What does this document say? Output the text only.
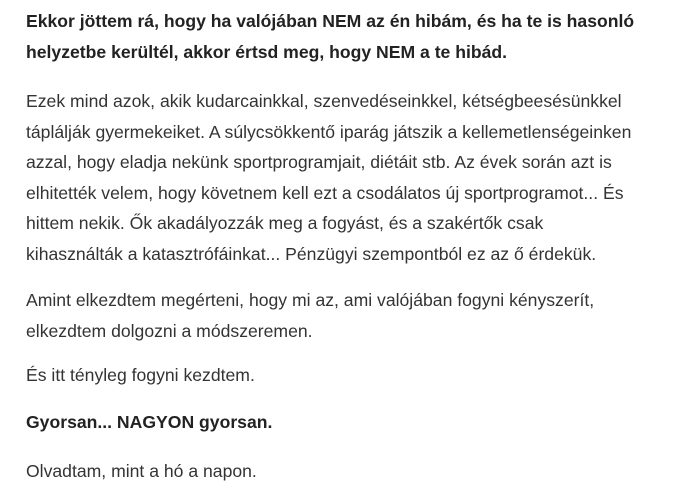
Ekkor jöttem rá, hogy ha valójában NEM az én hibám, és ha te is hasonló
helyzetbe kerültél, akkor értsd meg, hogy NEM a te hibád.

Ezek mind azok, akik kudarcainkkal, szenvedéseinkkel, kétségbeesésünkkel
táplálják gyermekeiket. A súlycsökkentő iparág játszik a kellemetlenségeinken
azzal, hogy eladja nekünk sportprogramjait, diétáit stb. Az évek során azt is
elhitették velem, hogy követnem kell ezt a csodálatos új sportprogramot... És
hittem nekik. Ők akadályozzák meg a fogyást, és a szakértők csak
kihasználták a katasztrófáinkat... Pénzügyi szempontból ez az ő érdekük.

Amint elkezdtem megérteni, hogy mi az, ami valójában fogyni kényszerít,
elkezdtem dolgozni a módszeremen.

És itt tényleg fogyni kezdtem.

Gyorsan... NAGYON gyorsan.

Olvadtam, mint a hó a napon.
